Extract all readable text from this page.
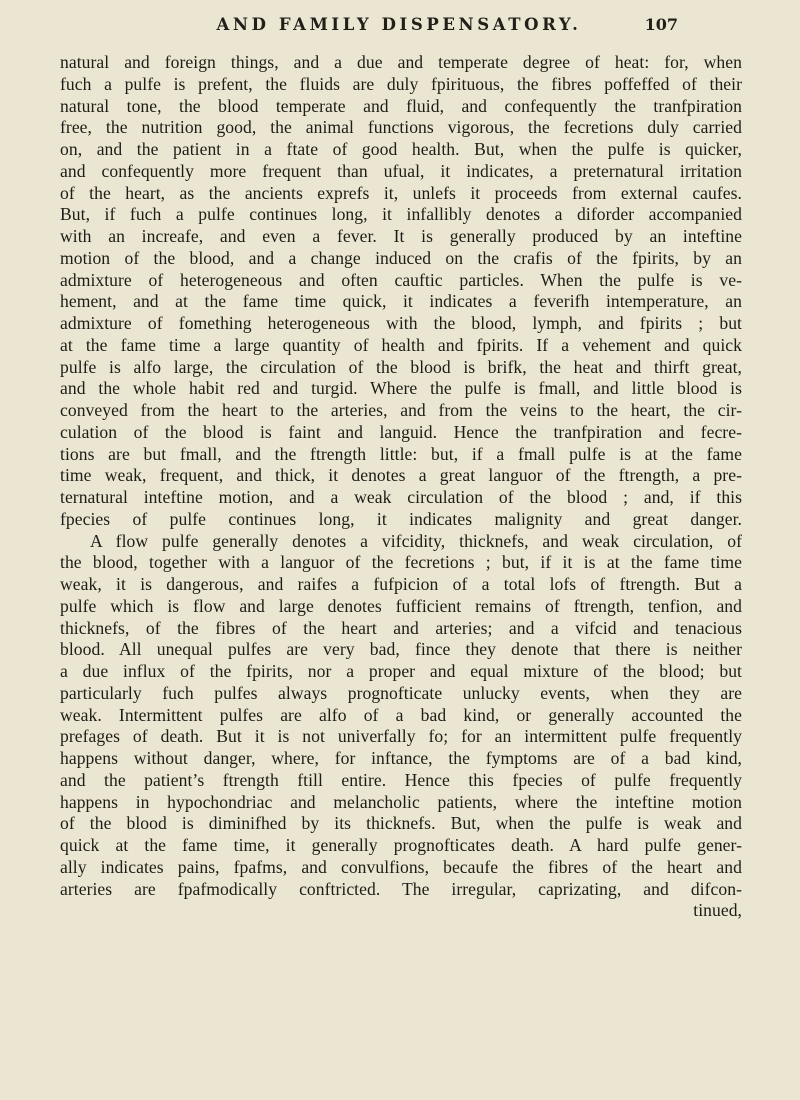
AND FAMILY DISPENSATORY.	107
natural and foreign things, and a due and temperate degree of heat: for, when
fuch a pulfe is prefent, the fluids are duly fpirituous, the fibres poffeffed of their
natural tone, the blood temperate and fluid, and confequently the tranfpiration
free, the nutrition good, the animal functions vigorous, the fecretions duly carried
on, and the patient in a ftate of good health. But, when the pulfe is quicker,
and confequently more frequent than ufual, it indicates, a preternatural irritation
of the heart, as the ancients exprefs it, unlefs it proceeds from external caufes.
But, if fuch a pulfe continues long, it infallibly denotes a diforder accompanied
with an increafe, and even a fever. It is generally produced by an inteftine
motion of the blood, and a change induced on the crafis of the fpirits, by an
admixture of heterogeneous and often cauftic particles. When the pulfe is ve-
hement, and at the fame time quick, it indicates a feverifh intemperature, an
admixture of fomething heterogeneous with the blood, lymph, and fpirits ; but
at the fame time a large quantity of health and fpirits. If a vehement and quick
pulfe is alfo large, the circulation of the blood is brifk, the heat and thirft great,
and the whole habit red and turgid. Where the pulfe is fmall, and little blood is
conveyed from the heart to the arteries, and from the veins to the heart, the cir-
culation of the blood is faint and languid. Hence the tranfpiration and fecre-
tions are but fmall, and the ftrength little: but, if a fmall pulfe is at the fame
time weak, frequent, and thick, it denotes a great languor of the ftrength, a pre-
ternatural inteftine motion, and a weak circulation of the blood ; and, if this
fpecies of pulfe continues long, it indicates malignity and great danger.
A flow pulfe generally denotes a vifcidity, thicknefs, and weak circulation, of
the blood, together with a languor of the fecretions ; but, if it is at the fame time
weak, it is dangerous, and raifes a fufpicion of a total lofs of ftrength. But a
pulfe which is flow and large denotes fufficient remains of ftrength, tenfion, and
thicknefs, of the fibres of the heart and arteries; and a vifcid and tenacious
blood. All unequal pulfes are very bad, fince they denote that there is neither
a due influx of the fpirits, nor a proper and equal mixture of the blood; but
particularly fuch pulfes always prognofticate unlucky events, when they are
weak. Intermittent pulfes are alfo of a bad kind, or generally accounted the
prefages of death. But it is not univerfally fo; for an intermittent pulfe frequently
happens without danger, where, for inftance, the fymptoms are of a bad kind,
and the patient’s ftrength ftill entire. Hence this fpecies of pulfe frequently
happens in hypochondriac and melancholic patients, where the inteftine motion
of the blood is diminifhed by its thicknefs. But, when the pulfe is weak and
quick at the fame time, it generally prognofticates death. A hard pulfe gener-
ally indicates pains, fpafms, and convulfions, becaufe the fibres of the heart and
arteries are fpafmodically conftricted. The irregular, caprizating, and difcon-
tinued,
